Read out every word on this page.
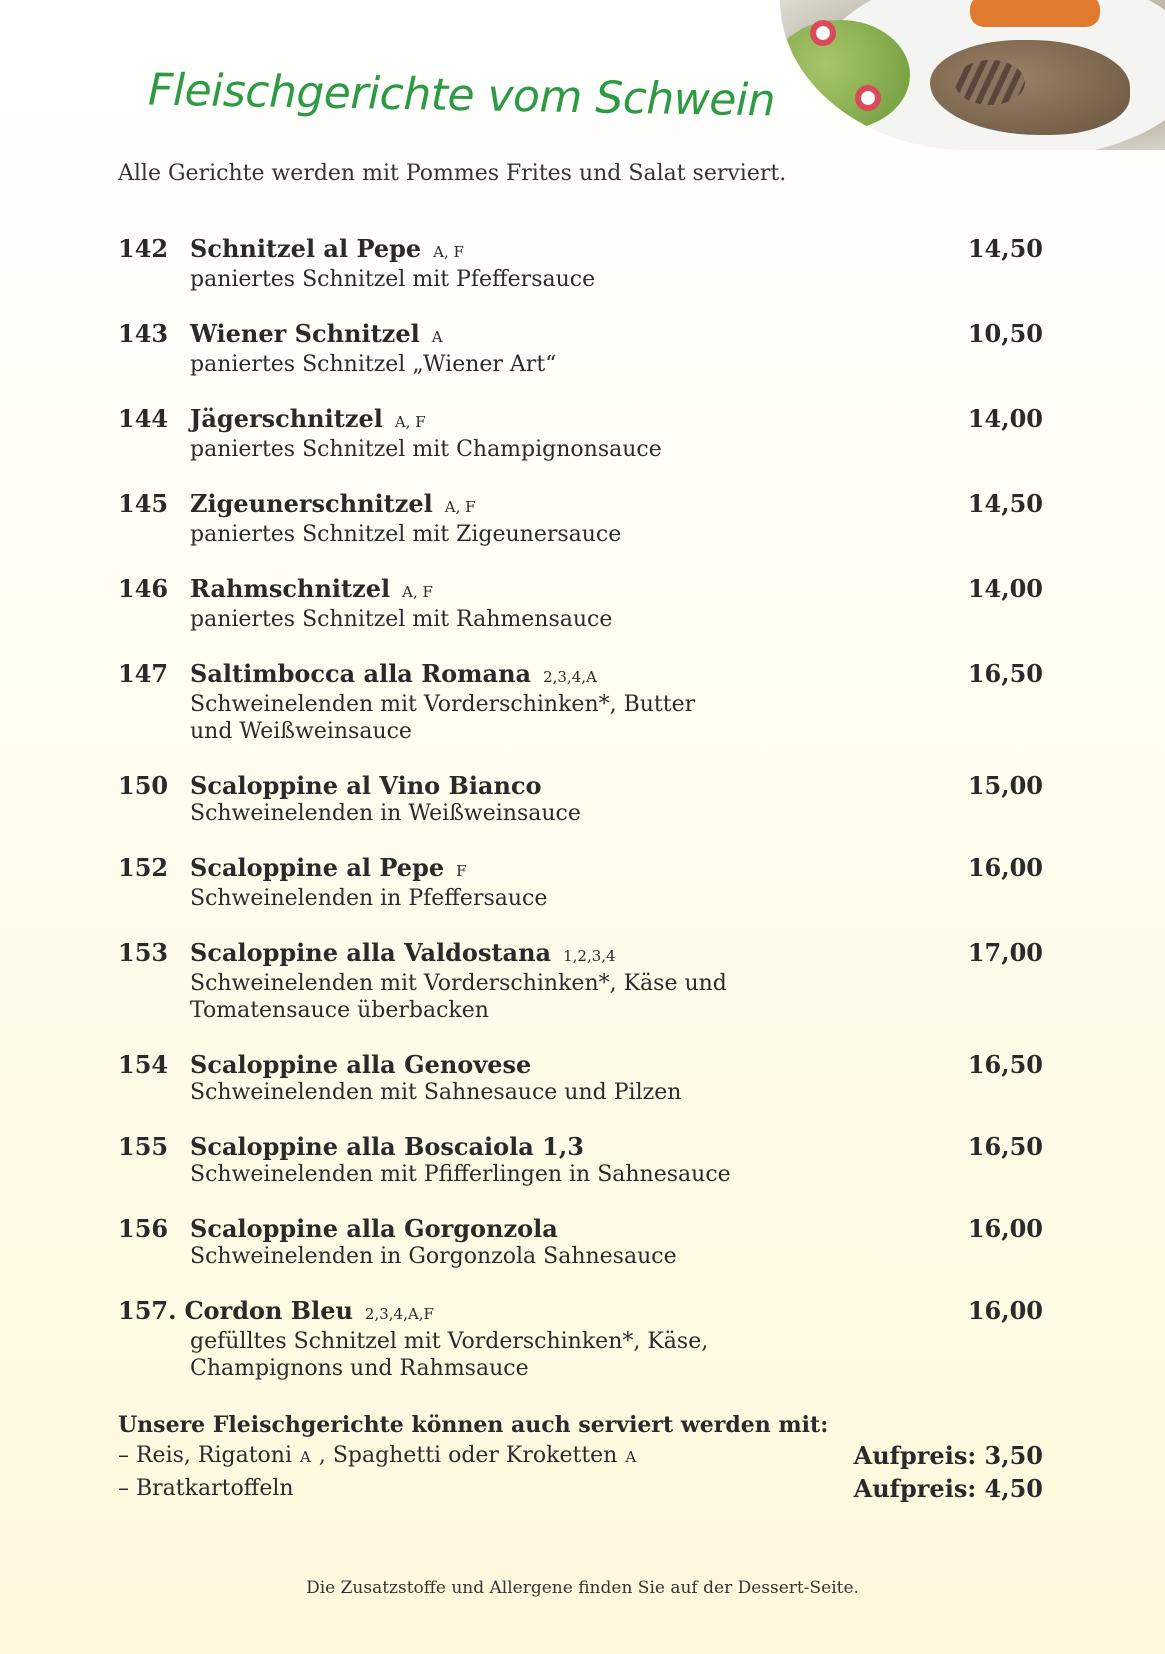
Fleischgerichte vom Schwein
Alle Gerichte werden mit Pommes Frites und Salat serviert.
142 Schnitzel al Pepe A, F	14,50
paniertes Schnitzel mit Pfeffersauce
143 Wiener Schnitzel A	10,50
paniertes Schnitzel „Wiener Art“
144 Jägerschnitzel A, F	14,00
paniertes Schnitzel mit Champignonsauce
145 Zigeunerschnitzel A, F	14,50
paniertes Schnitzel mit Zigeunersauce
146 Rahmschnitzel A, F	14,00
paniertes Schnitzel mit Rahmensauce
147 Saltimbocca alla Romana 2,3,4,A	16,50
Schweinelenden mit Vorderschinken*, Butter
und Weißweinsauce
150 Scaloppine al Vino Bianco	15,00
Schweinelenden in Weißweinsauce
152 Scaloppine al Pepe F	16,00
Schweinelenden in Pfeffersauce
153 Scaloppine alla Valdostana 1,2,3,4	17,00
Schweinelenden mit Vorderschinken*, Käse und
Tomatensauce überbacken
154 Scaloppine alla Genovese	16,50
Schweinelenden mit Sahnesauce und Pilzen
155 Scaloppine alla Boscaiola 1,3	16,50
Schweinelenden mit Pfifferlingen in Sahnesauce
156 Scaloppine alla Gorgonzola	16,00
Schweinelenden in Gorgonzola Sahnesauce
157. Cordon Bleu 2,3,4,A,F	16,00
gefülltes Schnitzel mit Vorderschinken*, Käse,
Champignons und Rahmsauce
Unsere Fleischgerichte können auch serviert werden mit:
– Reis, Rigatoni A , Spaghetti oder Kroketten A	Aufpreis: 3,50
– Bratkartoffeln	Aufpreis: 4,50
Die Zusatzstoffe und Allergene finden Sie auf der Dessert-Seite.
